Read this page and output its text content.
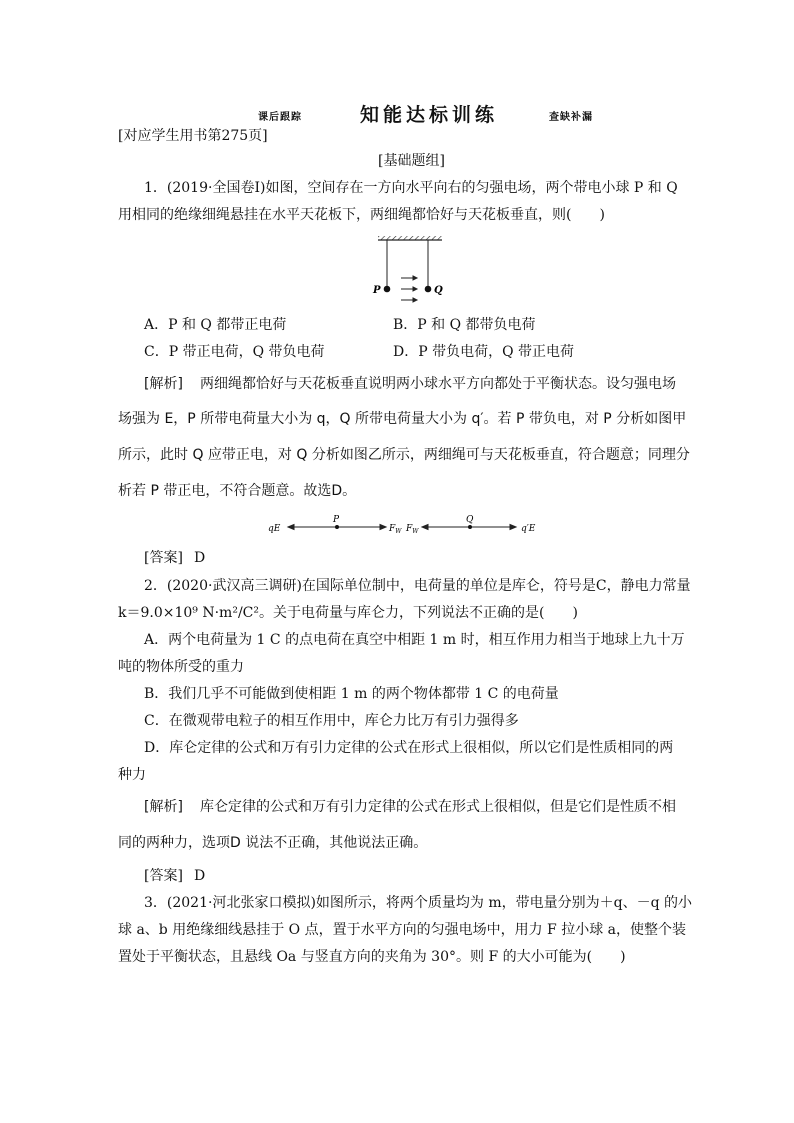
课后跟踪	知能达标训练	查缺补漏
[对应学生用书第275页]
[基础题组]
1．(2019·全国卷Ⅰ)如图，空间存在一方向水平向右的匀强电场，两个带电小球 P 和 Q
用相同的绝缘细绳悬挂在水平天花板下，两细绳都恰好与天花板垂直，则(　　)
P	Q
A．P 和 Q 都带正电荷	B．P 和 Q 都带负电荷
C．P 带正电荷，Q 带负电荷	D．P 带负电荷，Q 带正电荷
[解析] 两细绳都恰好与天花板垂直说明两小球水平方向都处于平衡状态。设匀强电场
场强为 E，P 所带电荷量大小为 q，Q 所带电荷量大小为 q′。若 P 带负电，对 P 分析如图甲
所示，此时 Q 应带正电，对 Q 分析如图乙所示，两细绳可与天花板垂直，符合题意；同理分
析若 P 带正电，不符合题意。故选D。
qE
P
$F_W$ $F_W$
Q
q′E
[答案] D
2．(2020·武汉高三调研)在国际单位制中，电荷量的单位是库仑，符号是C，静电力常量
k＝9.0×10⁹ N·m²/C²。关于电荷量与库仑力，下列说法不正确的是(　　)
A．两个电荷量为 1 C 的点电荷在真空中相距 1 m 时，相互作用力相当于地球上九十万
吨的物体所受的重力
B．我们几乎不可能做到使相距 1 m 的两个物体都带 1 C 的电荷量
C．在微观带电粒子的相互作用中，库仑力比万有引力强得多
D．库仑定律的公式和万有引力定律的公式在形式上很相似，所以它们是性质相同的两
种力
[解析] 库仑定律的公式和万有引力定律的公式在形式上很相似，但是它们是性质不相
同的两种力，选项D 说法不正确，其他说法正确。
[答案] D
3．(2021·河北张家口模拟)如图所示，将两个质量均为 m，带电量分别为＋q、－q 的小
球 a、b 用绝缘细线悬挂于 O 点，置于水平方向的匀强电场中，用力 F 拉小球 a，使整个装
置处于平衡状态，且悬线 Oa 与竖直方向的夹角为 30°。则 F 的大小可能为(　　)
